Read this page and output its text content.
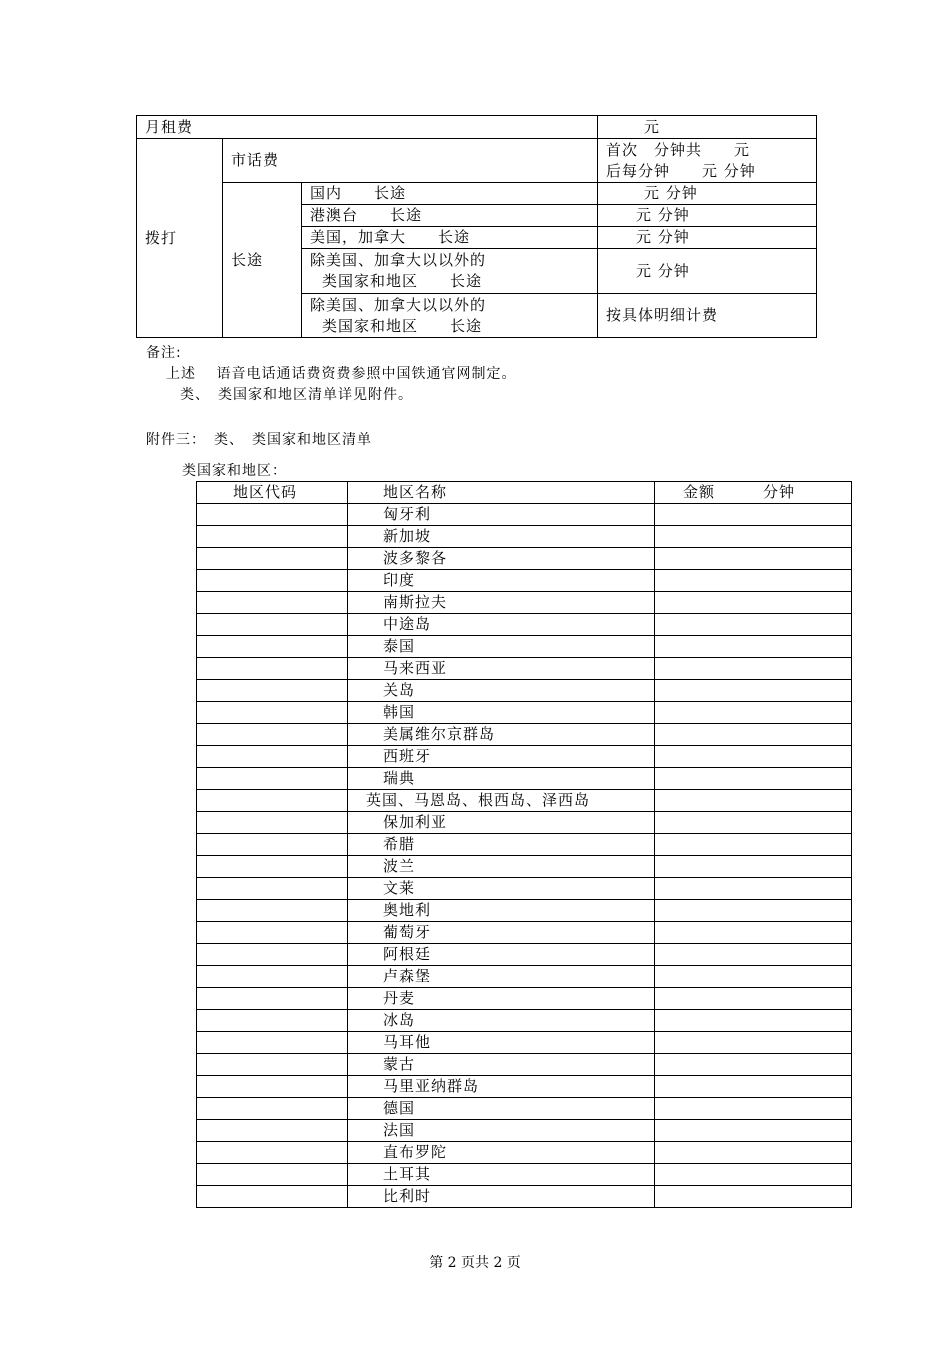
月租费			元
拨打	市话费		首次　分钟共　　元
后每分钟　　元 分钟

	长途	国内　　长途	元 分钟
		港澳台　　长途	元 分钟
		美国，加拿大　　长途	元 分钟

		除美国、加拿大以以外的
类国家和地区　　长途	元 分钟

		除美国、加拿大以以外的
类国家和地区　　长途	按具体明细计费
备注:
上述　 语音电话通话费资费参照中国铁通官网制定。
类、　类国家和地区清单详见附件。
附件三：　类、　类国家和地区清单
类国家和地区：
地区代码	地区名称	金额　　　分钟
	匈牙利	
	新加坡	
	波多黎各	
	印度	
	南斯拉夫	
	中途岛	
	泰国	
	马来西亚	
	关岛	
	韩国	
	美属维尔京群岛	
	西班牙	
	瑞典	
	英国、马恩岛、根西岛、泽西岛	
	保加利亚	
	希腊	
	波兰	
	文莱	
	奥地利	
	葡萄牙	
	阿根廷	
	卢森堡	
	丹麦	
	冰岛	
	马耳他	
	蒙古	
	马里亚纳群岛	
	德国	
	法国	
	直布罗陀	
	土耳其	
	比利时	
第 2 页共 2 页
